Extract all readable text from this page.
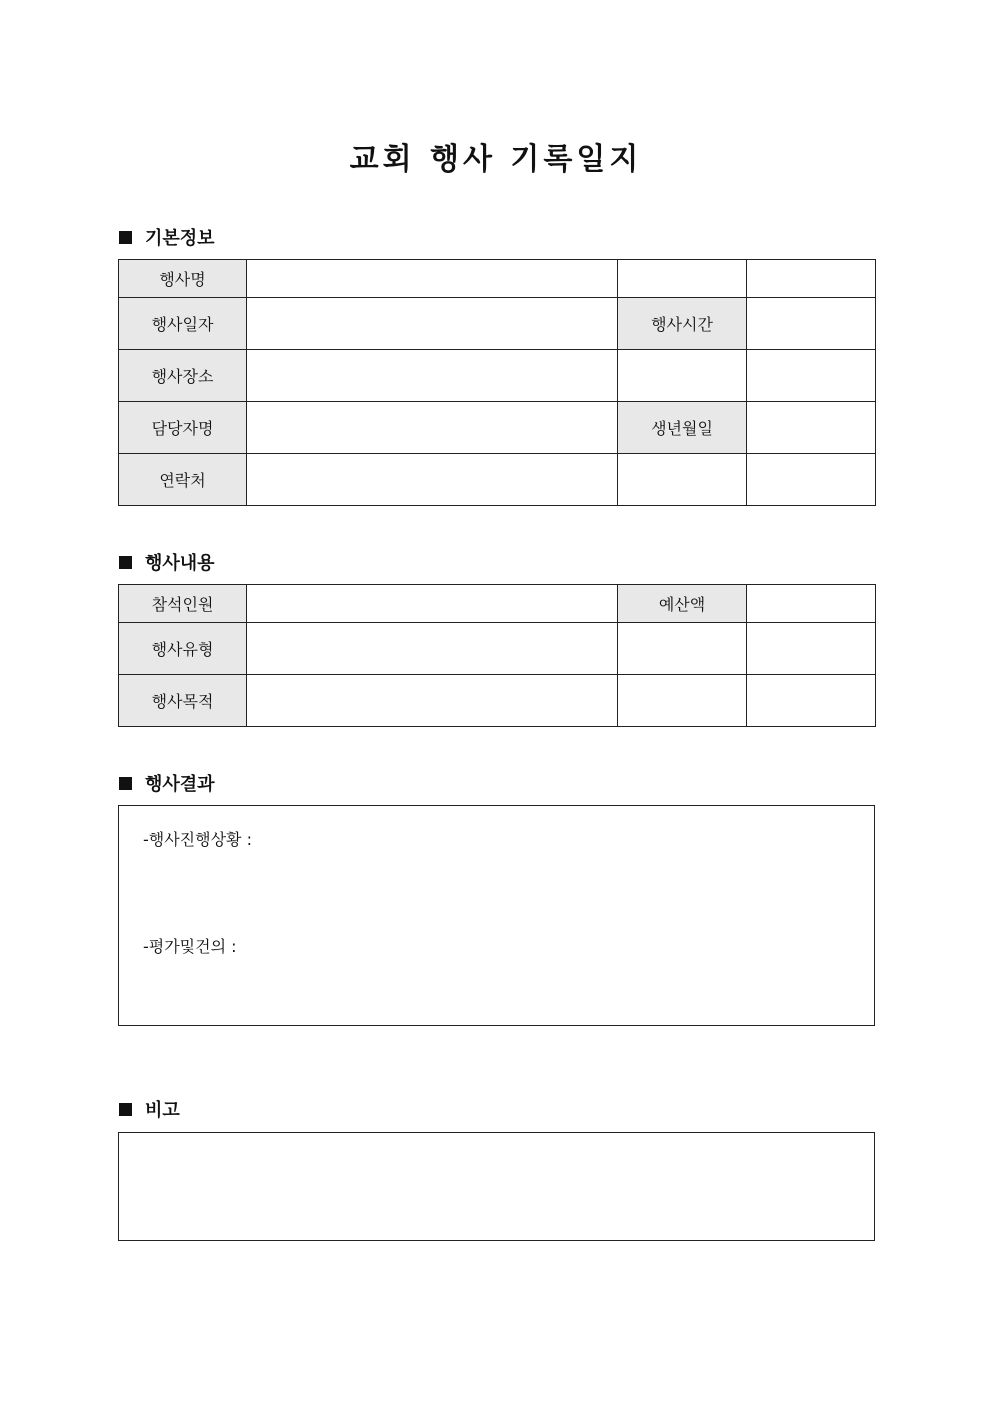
교회 행사 기록일지
기본정보
행사명			
행사일자		행사시간	
행사장소			
담당자명		생년월일	
연락처			
행사내용
참석인원		예산액	
행사유형			
행사목적			
행사결과
-행사진행상황 :
-평가및건의 :
비고
